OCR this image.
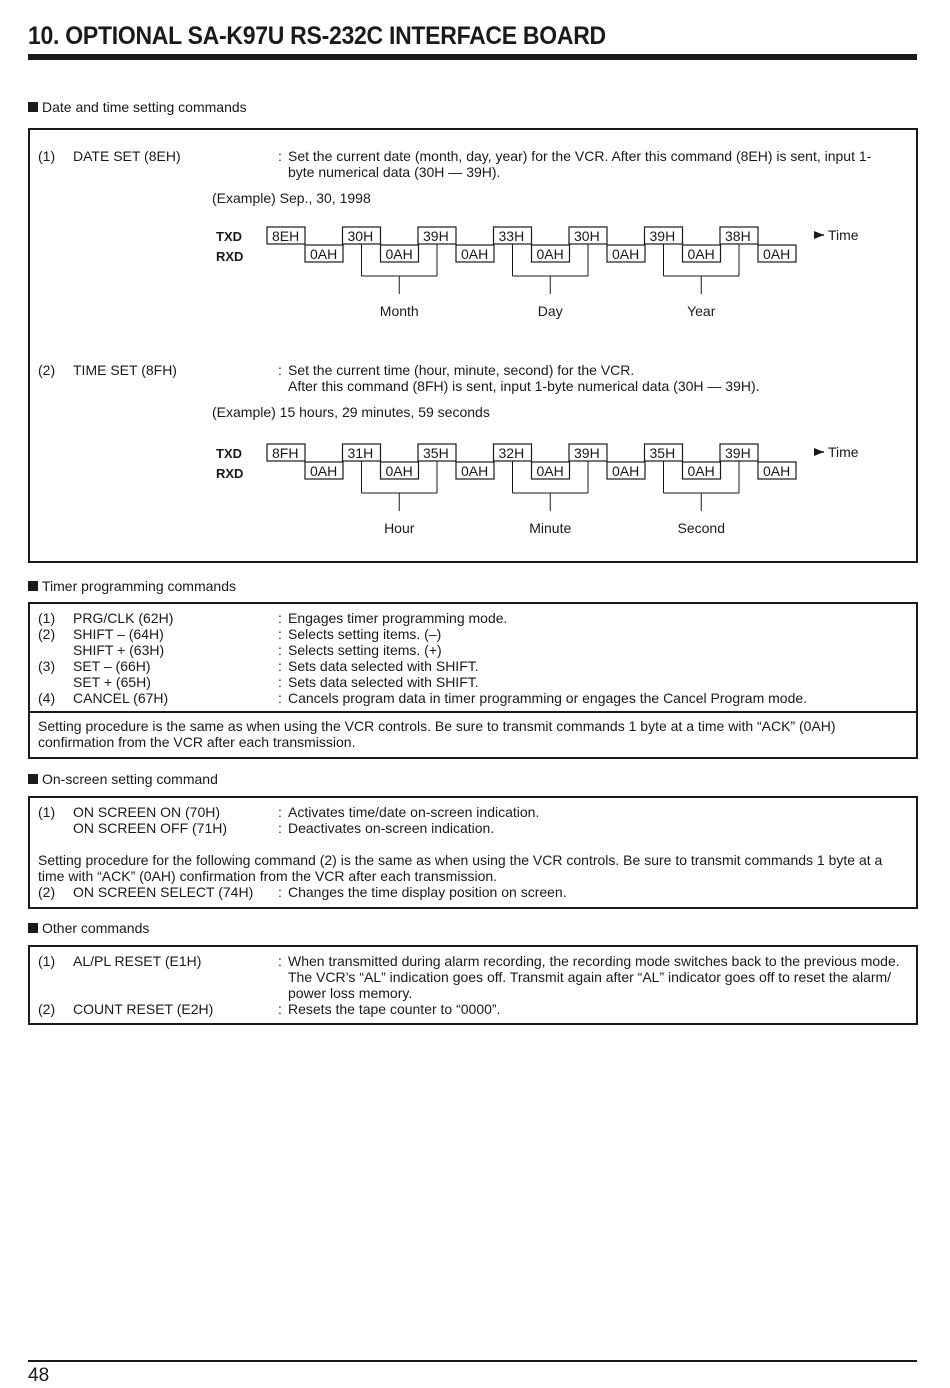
10. OPTIONAL SA-K97U RS-232C INTERFACE BOARD
Date and time setting commands
(1) DATE SET (8EH)	: Set the current date (month, day, year) for the VCR. After this command (8EH) is sent, input 1-
byte numerical data (30H — 39H).
(Example) Sep., 30, 1998
TXD
RXD
8EH	30H	39H	33H	30H	39H	38H
0AH	0AH	0AH	0AH	0AH	0AH	0AH
Time
Month	Day	Year
(2) TIME SET (8FH)	: Set the current time (hour, minute, second) for the VCR.
After this command (8FH) is sent, input 1-byte numerical data (30H — 39H).
(Example) 15 hours, 29 minutes, 59 seconds
TXD
RXD
8FH	31H	35H	32H	39H	35H	39H
0AH	0AH	0AH	0AH	0AH	0AH	0AH
Time
Hour	Minute	Second
Timer programming commands
(1) PRG/CLK (62H)	: Engages timer programming mode.
(2) SHIFT – (64H)	: Selects setting items. (–)
SHIFT + (63H)	: Selects setting items. (+)
(3) SET – (66H)	: Sets data selected with SHIFT.
SET + (65H)	: Sets data selected with SHIFT.
(4) CANCEL (67H)	: Cancels program data in timer programming or engages the Cancel Program mode.
Setting procedure is the same as when using the VCR controls. Be sure to transmit commands 1 byte at a time with “ACK” (0AH)
confirmation from the VCR after each transmission.
On-screen setting command
(1) ON SCREEN ON (70H)	: Activates time/date on-screen indication.
ON SCREEN OFF (71H)	: Deactivates on-screen indication.
Setting procedure for the following command (2) is the same as when using the VCR controls. Be sure to transmit commands 1 byte at a
time with “ACK” (0AH) confirmation from the VCR after each transmission.
(2) ON SCREEN SELECT (74H) : Changes the time display position on screen.
Other commands
(1) AL/PL RESET (E1H)	: When transmitted during alarm recording, the recording mode switches back to the previous mode.
The VCR’s “AL” indication goes off. Transmit again after “AL” indicator goes off to reset the alarm/
power loss memory.
(2) COUNT RESET (E2H)	: Resets the tape counter to “0000”.
48
